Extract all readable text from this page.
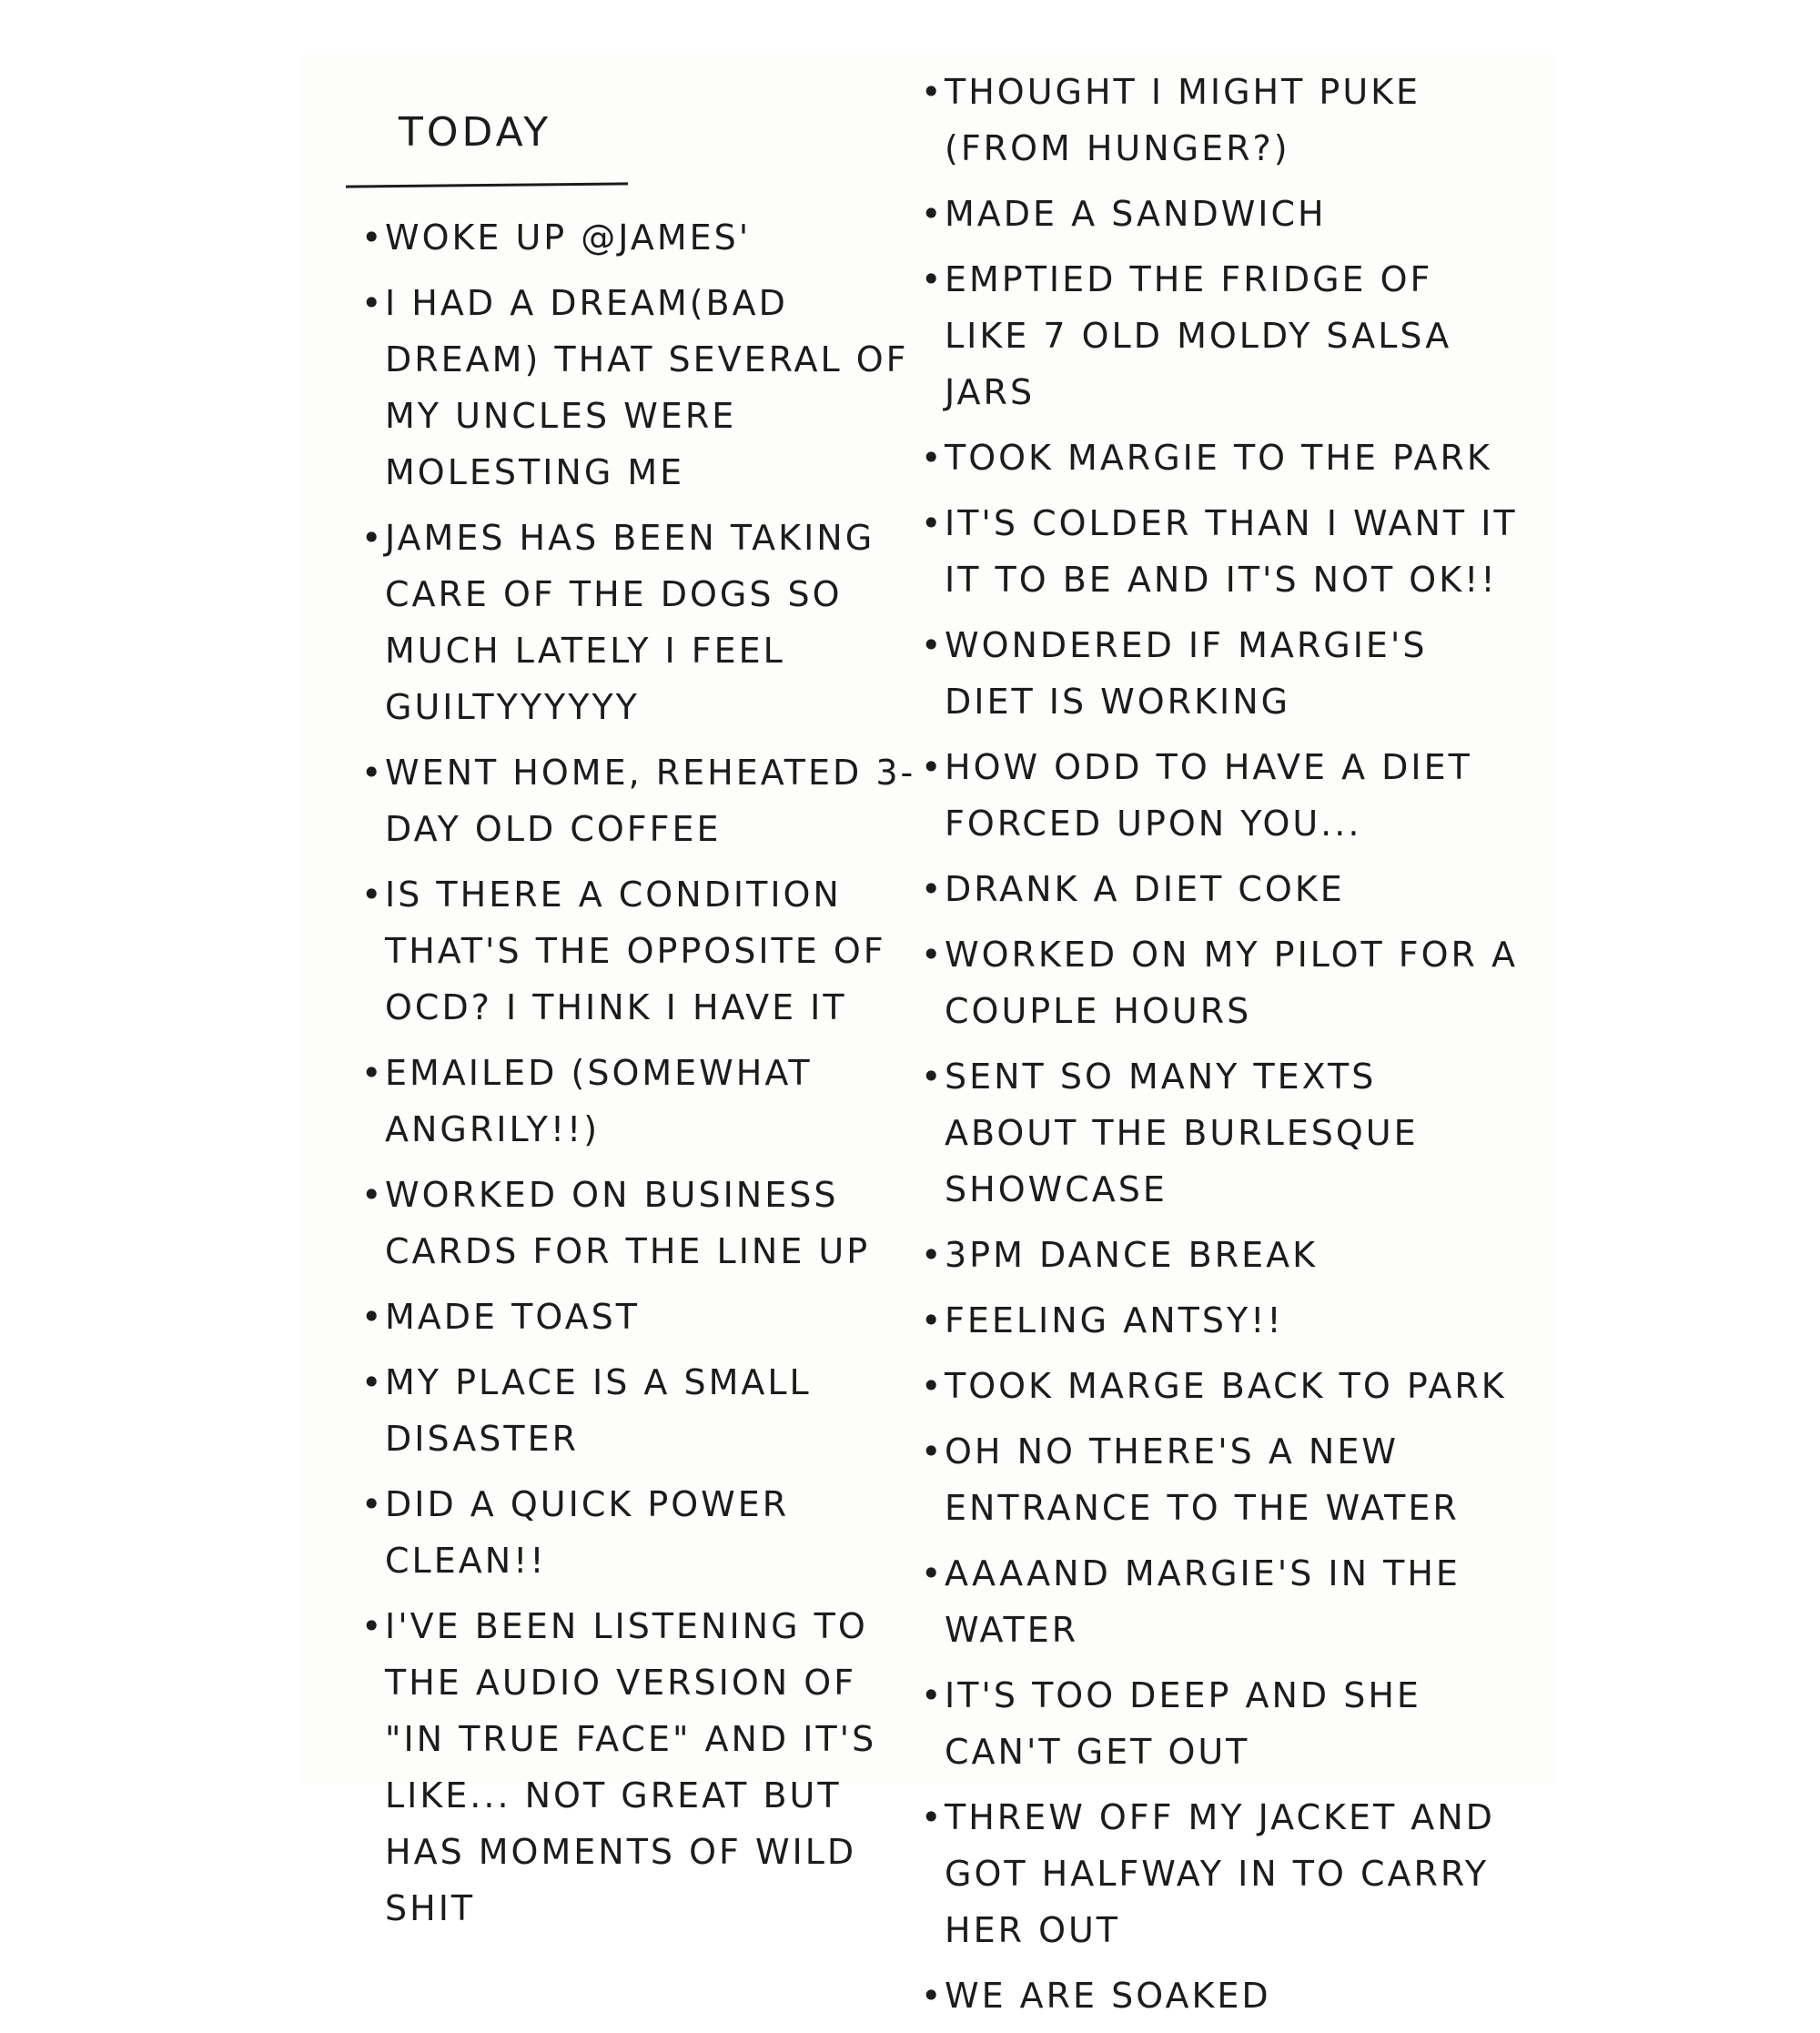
TODAY
• WOKE UP @JAMES'
• I HAD A DREAM(BAD DREAM) THAT SEVERAL OF MY UNCLES WERE MOLESTING ME
• JAMES HAS BEEN TAKING CARE OF THE DOGS SO MUCH LATELY I FEEL GUILTYYYYYY
• WENT HOME, REHEATED 3-DAY OLD COFFEE
• IS THERE A CONDITION THAT'S THE OPPOSITE OF OCD? I THINK I HAVE IT
• EMAILED (SOMEWHAT ANGRILY!!)
• WORKED ON BUSINESS CARDS FOR THE LINE UP
• MADE TOAST
• MY PLACE IS A SMALL DISASTER
• DID A QUICK POWER CLEAN!!
• I'VE BEEN LISTENING TO THE AUDIO VERSION OF "IN TRUE FACE" AND IT'S LIKE... NOT GREAT BUT HAS MOMENTS OF WILD SHIT
• THOUGHT I MIGHT PUKE (FROM HUNGER?)
• MADE A SANDWICH
• EMPTIED THE FRIDGE OF LIKE 7 OLD MOLDY SALSA JARS
• TOOK MARGIE TO THE PARK
• IT'S COLDER THAN I WANT IT IT TO BE AND IT'S NOT OK!!
• WONDERED IF MARGIE'S DIET IS WORKING
• HOW ODD TO HAVE A DIET FORCED UPON YOU...
• DRANK A DIET COKE
• WORKED ON MY PILOT FOR A COUPLE HOURS
• SENT SO MANY TEXTS ABOUT THE BURLESQUE SHOWCASE
• 3PM DANCE BREAK
• FEELING ANTSY!!
• TOOK MARGE BACK TO PARK
• OH NO THERE'S A NEW ENTRANCE TO THE WATER
• AAAAND MARGIE'S IN THE WATER
• IT'S TOO DEEP AND SHE CAN'T GET OUT
• THREW OFF MY JACKET AND GOT HALFWAY IN TO CARRY HER OUT
• WE ARE SOAKED
